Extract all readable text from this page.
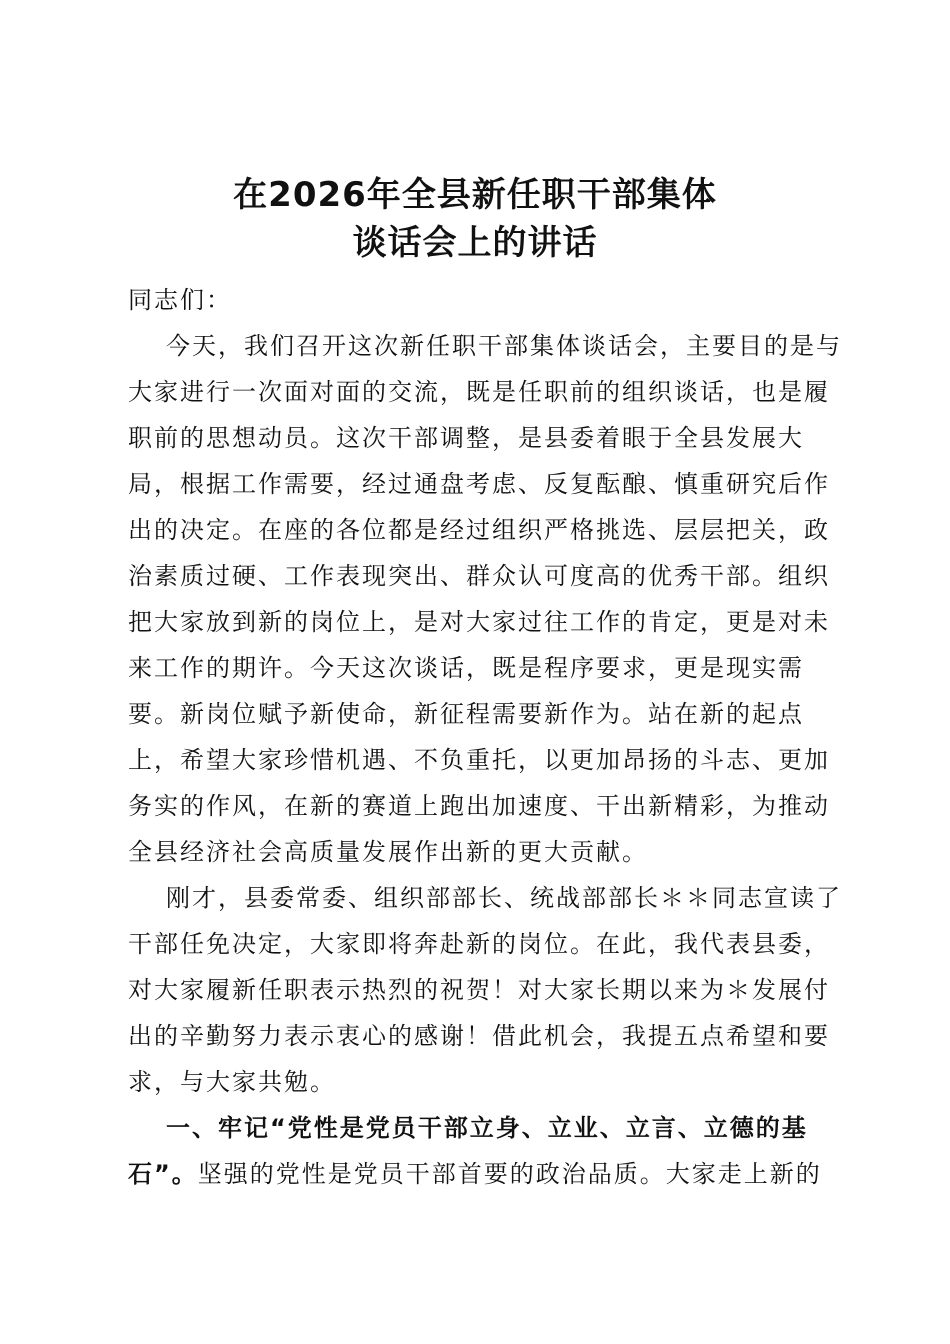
在2026年全县新任职干部集体
谈话会上的讲话
同志们：
今天，我们召开这次新任职干部集体谈话会，主要目的是与
大家进行一次面对面的交流，既是任职前的组织谈话，也是履
职前的思想动员。这次干部调整，是县委着眼于全县发展大
局，根据工作需要，经过通盘考虑、反复酝酿、慎重研究后作
出的决定。在座的各位都是经过组织严格挑选、层层把关，政
治素质过硬、工作表现突出、群众认可度高的优秀干部。组织
把大家放到新的岗位上，是对大家过往工作的肯定，更是对未
来工作的期许。今天这次谈话，既是程序要求，更是现实需
要。新岗位赋予新使命，新征程需要新作为。站在新的起点
上，希望大家珍惜机遇、不负重托，以更加昂扬的斗志、更加
务实的作风，在新的赛道上跑出加速度、干出新精彩，为推动
全县经济社会高质量发展作出新的更大贡献。
刚才，县委常委、组织部部长、统战部部长＊＊同志宣读了
干部任免决定，大家即将奔赴新的岗位。在此，我代表县委，
对大家履新任职表示热烈的祝贺！对大家长期以来为＊发展付
出的辛勤努力表示衷心的感谢！借此机会，我提五点希望和要
求，与大家共勉。
一、牢记“党性是党员干部立身、立业、立言、立德的基
石”。坚强的党性是党员干部首要的政治品质。大家走上新的
